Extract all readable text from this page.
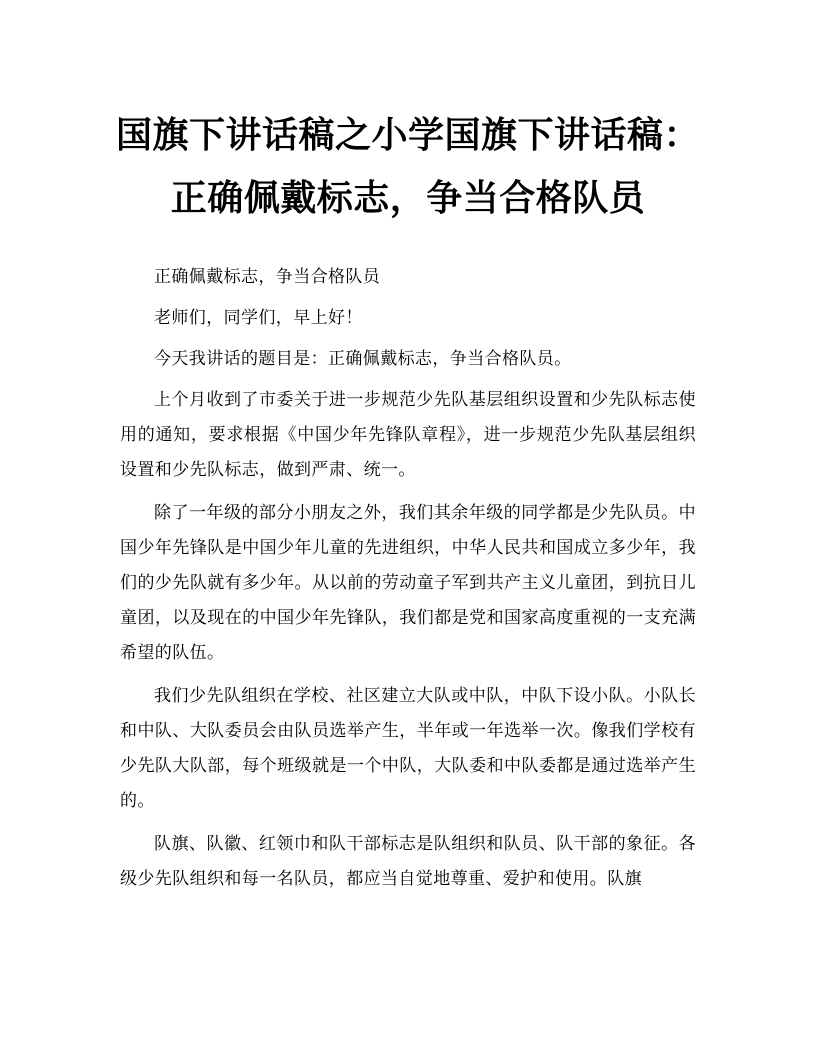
国旗下讲话稿之小学国旗下讲话稿：正确佩戴标志，争当合格队员

正确佩戴标志，争当合格队员

老师们，同学们，早上好！

今天我讲话的题目是：正确佩戴标志，争当合格队员。

上个月收到了市委关于进一步规范少先队基层组织设置和少先队标志使用的通知，要求根据《中国少年先锋队章程》，进一步规范少先队基层组织设置和少先队标志，做到严肃、统一。

除了一年级的部分小朋友之外，我们其余年级的同学都是少先队员。中国少年先锋队是中国少年儿童的先进组织，中华人民共和国成立多少年，我们的少先队就有多少年。从以前的劳动童子军到共产主义儿童团，到抗日儿童团，以及现在的中国少年先锋队，我们都是党和国家高度重视的一支充满希望的队伍。

我们少先队组织在学校、社区建立大队或中队，中队下设小队。小队长和中队、大队委员会由队员选举产生，半年或一年选举一次。像我们学校有少先队大队部，每个班级就是一个中队，大队委和中队委都是通过选举产生的。

队旗、队徽、红领巾和队干部标志是队组织和队员、队干部的象征。各级少先队组织和每一名队员，都应当自觉地尊重、爱护和使用。队旗
